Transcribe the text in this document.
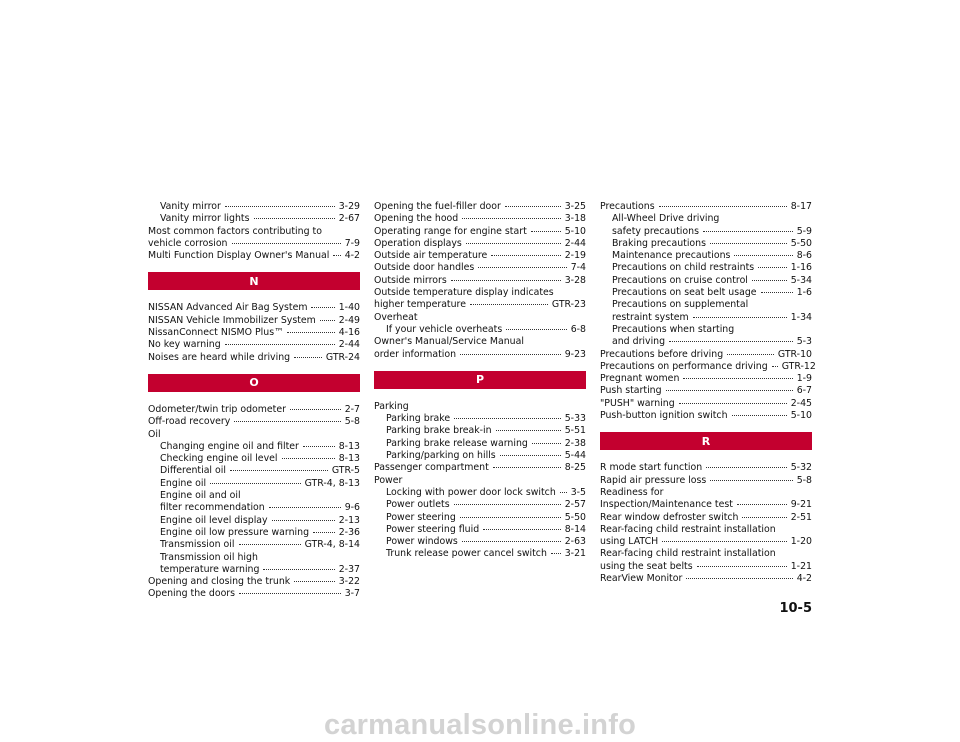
Vanity mirror	3-29
Vanity mirror lights	2-67
Most common factors contributing to
vehicle corrosion	7-9
Multi Function Display Owner's Manual 4-2
N
NISSAN Advanced Air Bag System	1-40
NISSAN Vehicle Immobilizer System 2-49
NissanConnect NISMO Plus™	4-16
No key warning	2-44
Noises are heard while driving	GTR-24
O
Odometer/twin trip odometer	2-7
Off-road recovery	5-8
Oil
Changing engine oil and filter	8-13
Checking engine oil level	8-13
Differential oil	GTR-5
Engine oil	GTR-4, 8-13
Engine oil and oil
filter recommendation	9-6
Engine oil level display	2-13
Engine oil low pressure warning	2-36
Transmission oil	GTR-4, 8-14
Transmission oil high
temperature warning	2-37
Opening and closing the trunk	3-22
Opening the doors	3-7
Opening the fuel-filler door	3-25
Opening the hood	3-18
Operating range for engine start	5-10
Operation displays	2-44
Outside air temperature	2-19
Outside door handles	7-4
Outside mirrors	3-28
Outside temperature display indicates
higher temperature	GTR-23
Overheat
If your vehicle overheats	6-8
Owner's Manual/Service Manual
order information	9-23
P
Parking
Parking brake	5-33
Parking brake break-in	5-51
Parking brake release warning	2-38
Parking/parking on hills	5-44
Passenger compartment	8-25
Power
Locking with power door lock switch 3-5
Power outlets	2-57
Power steering	5-50
Power steering fluid	8-14
Power windows	2-63
Trunk release power cancel switch 3-21
Precautions	8-17
All-Wheel Drive driving
safety precautions	5-9
Braking precautions	5-50
Maintenance precautions	8-6
Precautions on child restraints	1-16
Precautions on cruise control	5-34
Precautions on seat belt usage	1-6
Precautions on supplemental
restraint system	1-34
Precautions when starting
and driving	5-3
Precautions before driving	GTR-10
Precautions on performance driving GTR-12
Pregnant women	1-9
Push starting	6-7
"PUSH" warning	2-45
Push-button ignition switch	5-10
R
R mode start function	5-32
Rapid air pressure loss	5-8
Readiness for
Inspection/Maintenance test	9-21
Rear window defroster switch	2-51
Rear-facing child restraint installation
using LATCH	1-20
Rear-facing child restraint installation
using the seat belts	1-21
RearView Monitor	4-2
10-5
carmanualsonline.info
